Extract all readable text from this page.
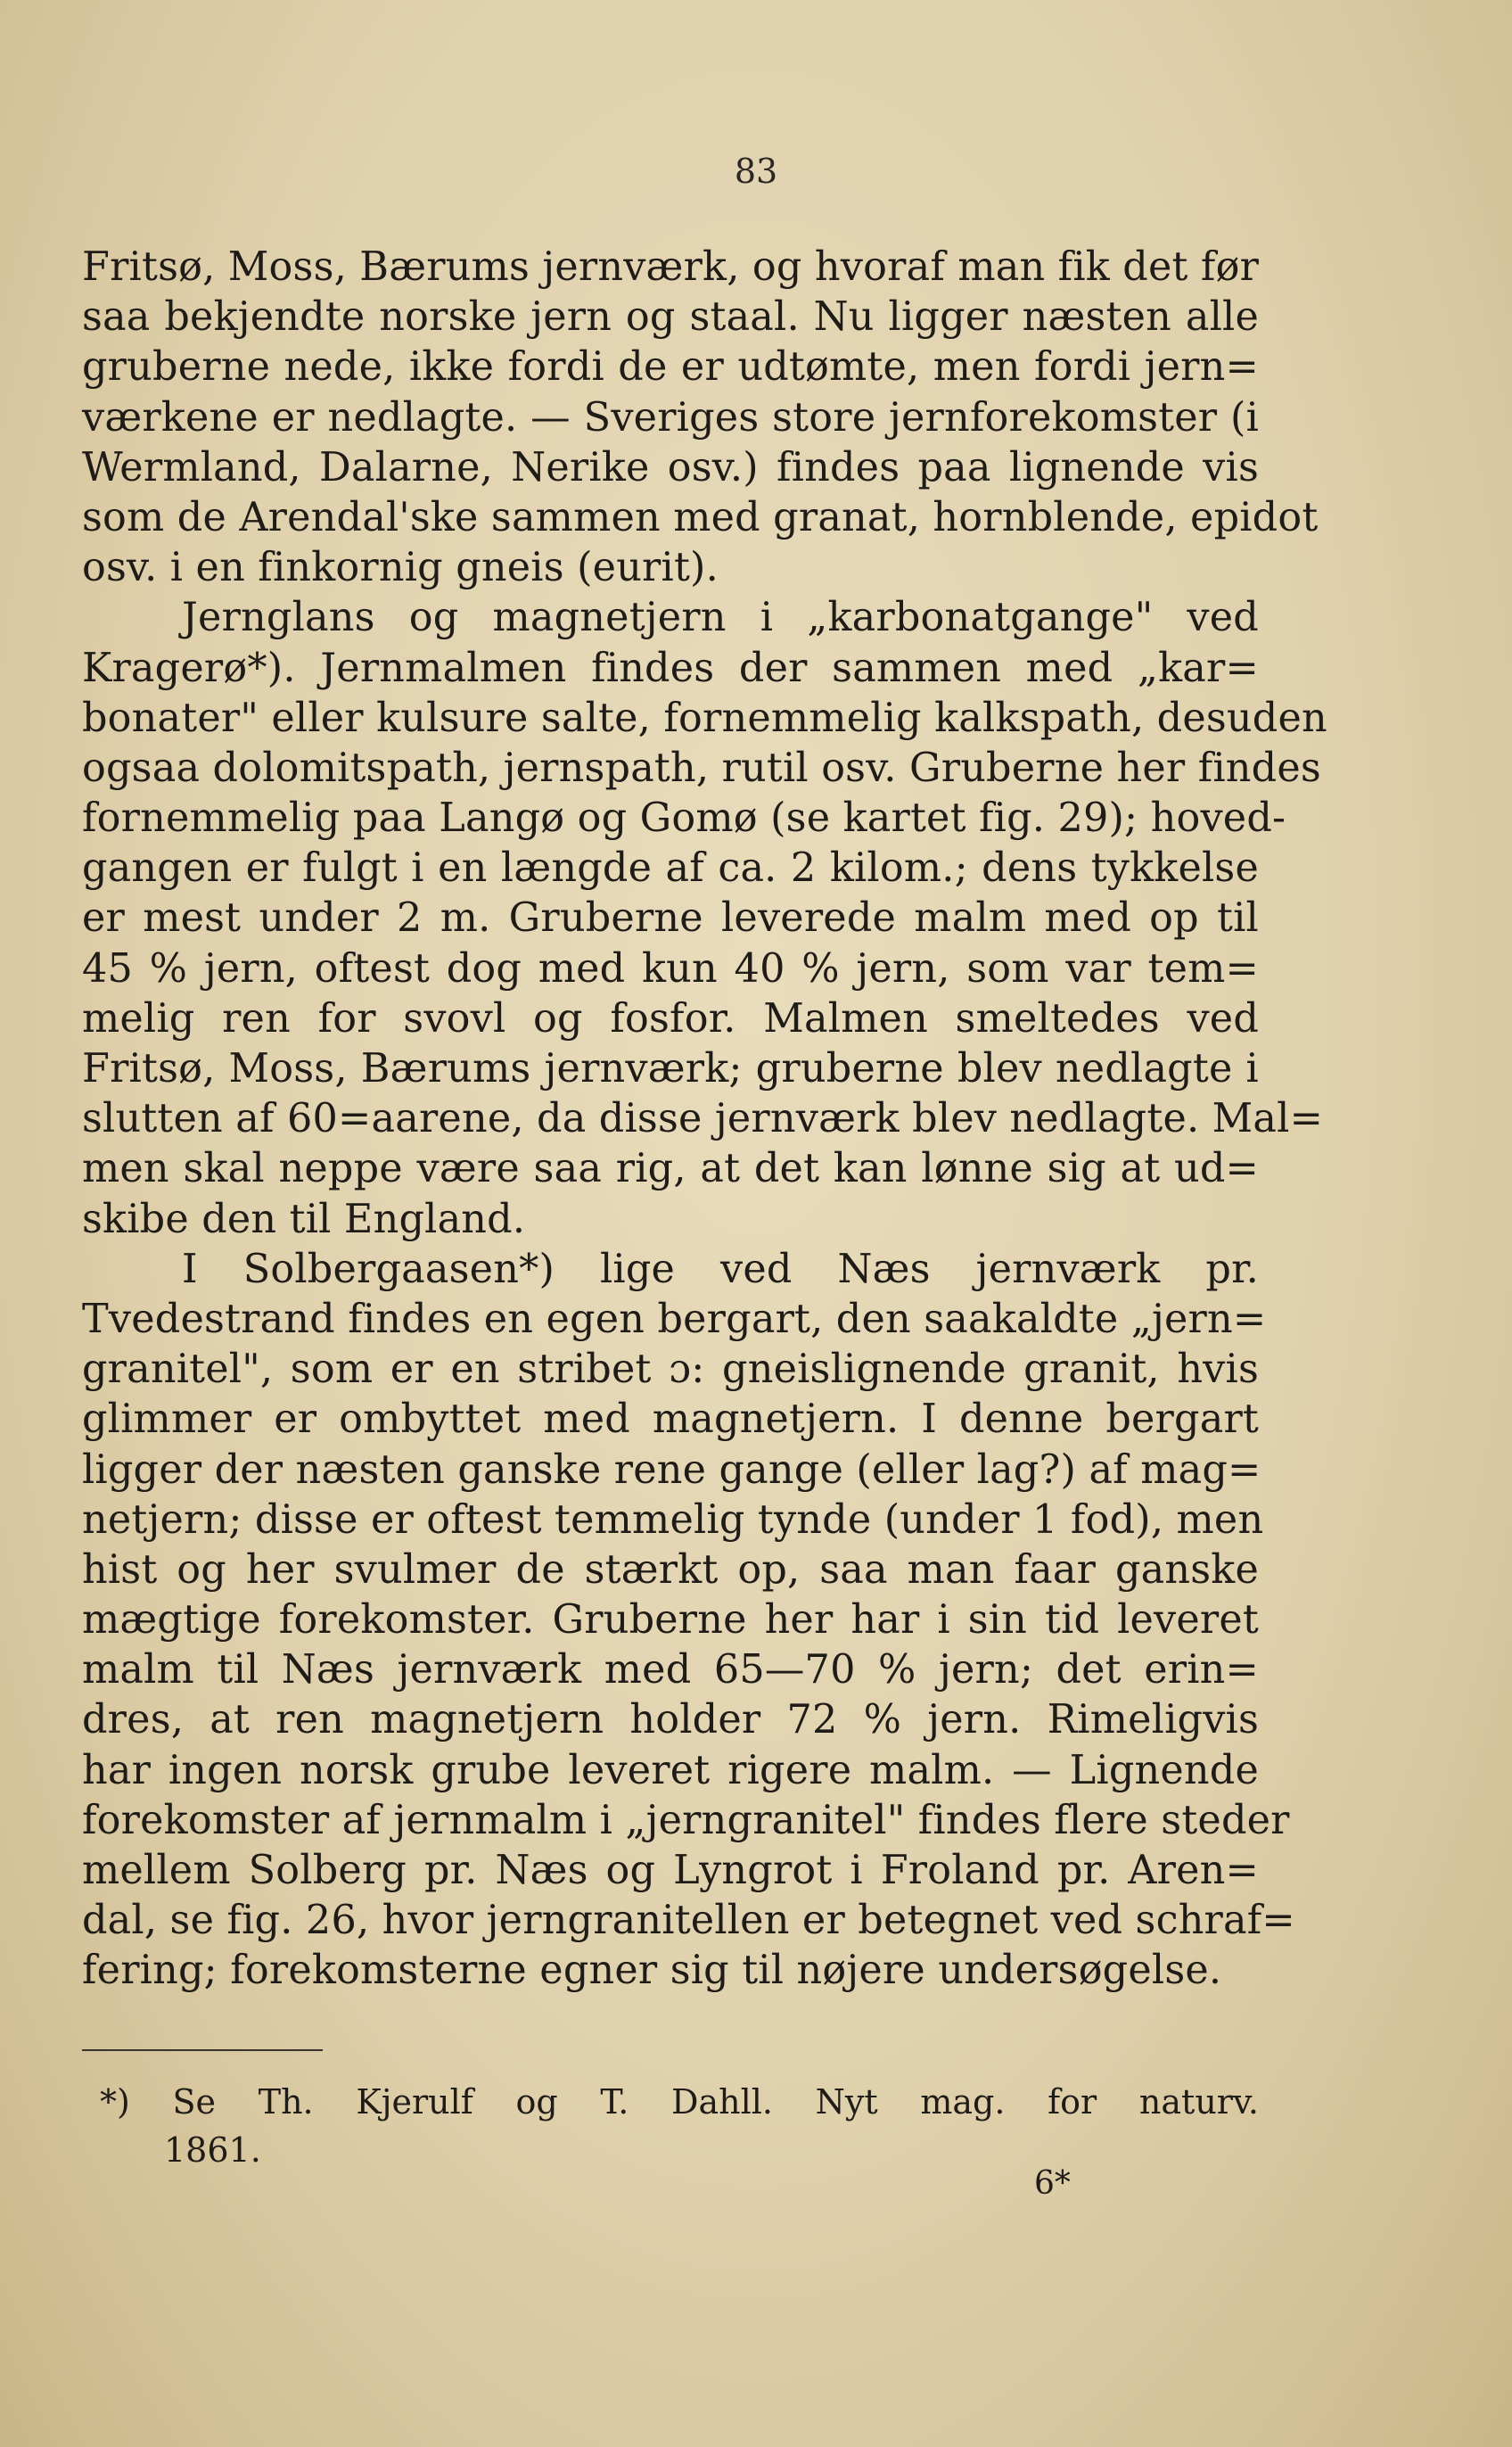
83
Fritsø, Moss, Bærums jernværk, og hvoraf man fik det før
saa bekjendte norske jern og staal. Nu ligger næsten alle
gruberne nede, ikke fordi de er udtømte, men fordi jern=
værkene er nedlagte. — Sveriges store jernforekomster (i
Wermland, Dalarne, Nerike osv.) findes paa lignende vis
som de Arendal'ske sammen med granat, hornblende, epidot
osv. i en finkornig gneis (eurit).
Jernglans og magnetjern i „karbonatgange" ved
Kragerø*). Jernmalmen findes der sammen med „kar=
bonater" eller kulsure salte, fornemmelig kalkspath, desuden
ogsaa dolomitspath, jernspath, rutil osv. Gruberne her findes
fornemmelig paa Langø og Gomø (se kartet fig. 29); hoved-
gangen er fulgt i en længde af ca. 2 kilom.; dens tykkelse
er mest under 2 m. Gruberne leverede malm med op til
45 % jern, oftest dog med kun 40 % jern, som var tem=
melig ren for svovl og fosfor. Malmen smeltedes ved
Fritsø, Moss, Bærums jernværk; gruberne blev nedlagte i
slutten af 60=aarene, da disse jernværk blev nedlagte. Mal=
men skal neppe være saa rig, at det kan lønne sig at ud=
skibe den til England.
I Solbergaasen*) lige ved Næs jernværk pr.
Tvedestrand findes en egen bergart, den saakaldte „jern=
granitel", som er en stribet ɔ: gneislignende granit, hvis
glimmer er ombyttet med magnetjern. I denne bergart
ligger der næsten ganske rene gange (eller lag?) af mag=
netjern; disse er oftest temmelig tynde (under 1 fod), men
hist og her svulmer de stærkt op, saa man faar ganske
mægtige forekomster. Gruberne her har i sin tid leveret
malm til Næs jernværk med 65—70 % jern; det erin=
dres, at ren magnetjern holder 72 % jern. Rimeligvis
har ingen norsk grube leveret rigere malm. — Lignende
forekomster af jernmalm i „jerngranitel" findes flere steder
mellem Solberg pr. Næs og Lyngrot i Froland pr. Aren=
dal, se fig. 26, hvor jerngranitellen er betegnet ved schraf=
fering; forekomsterne egner sig til nøjere undersøgelse.
*) Se Th. Kjerulf og T. Dahll. Nyt mag. for naturv.
1861.
6*
